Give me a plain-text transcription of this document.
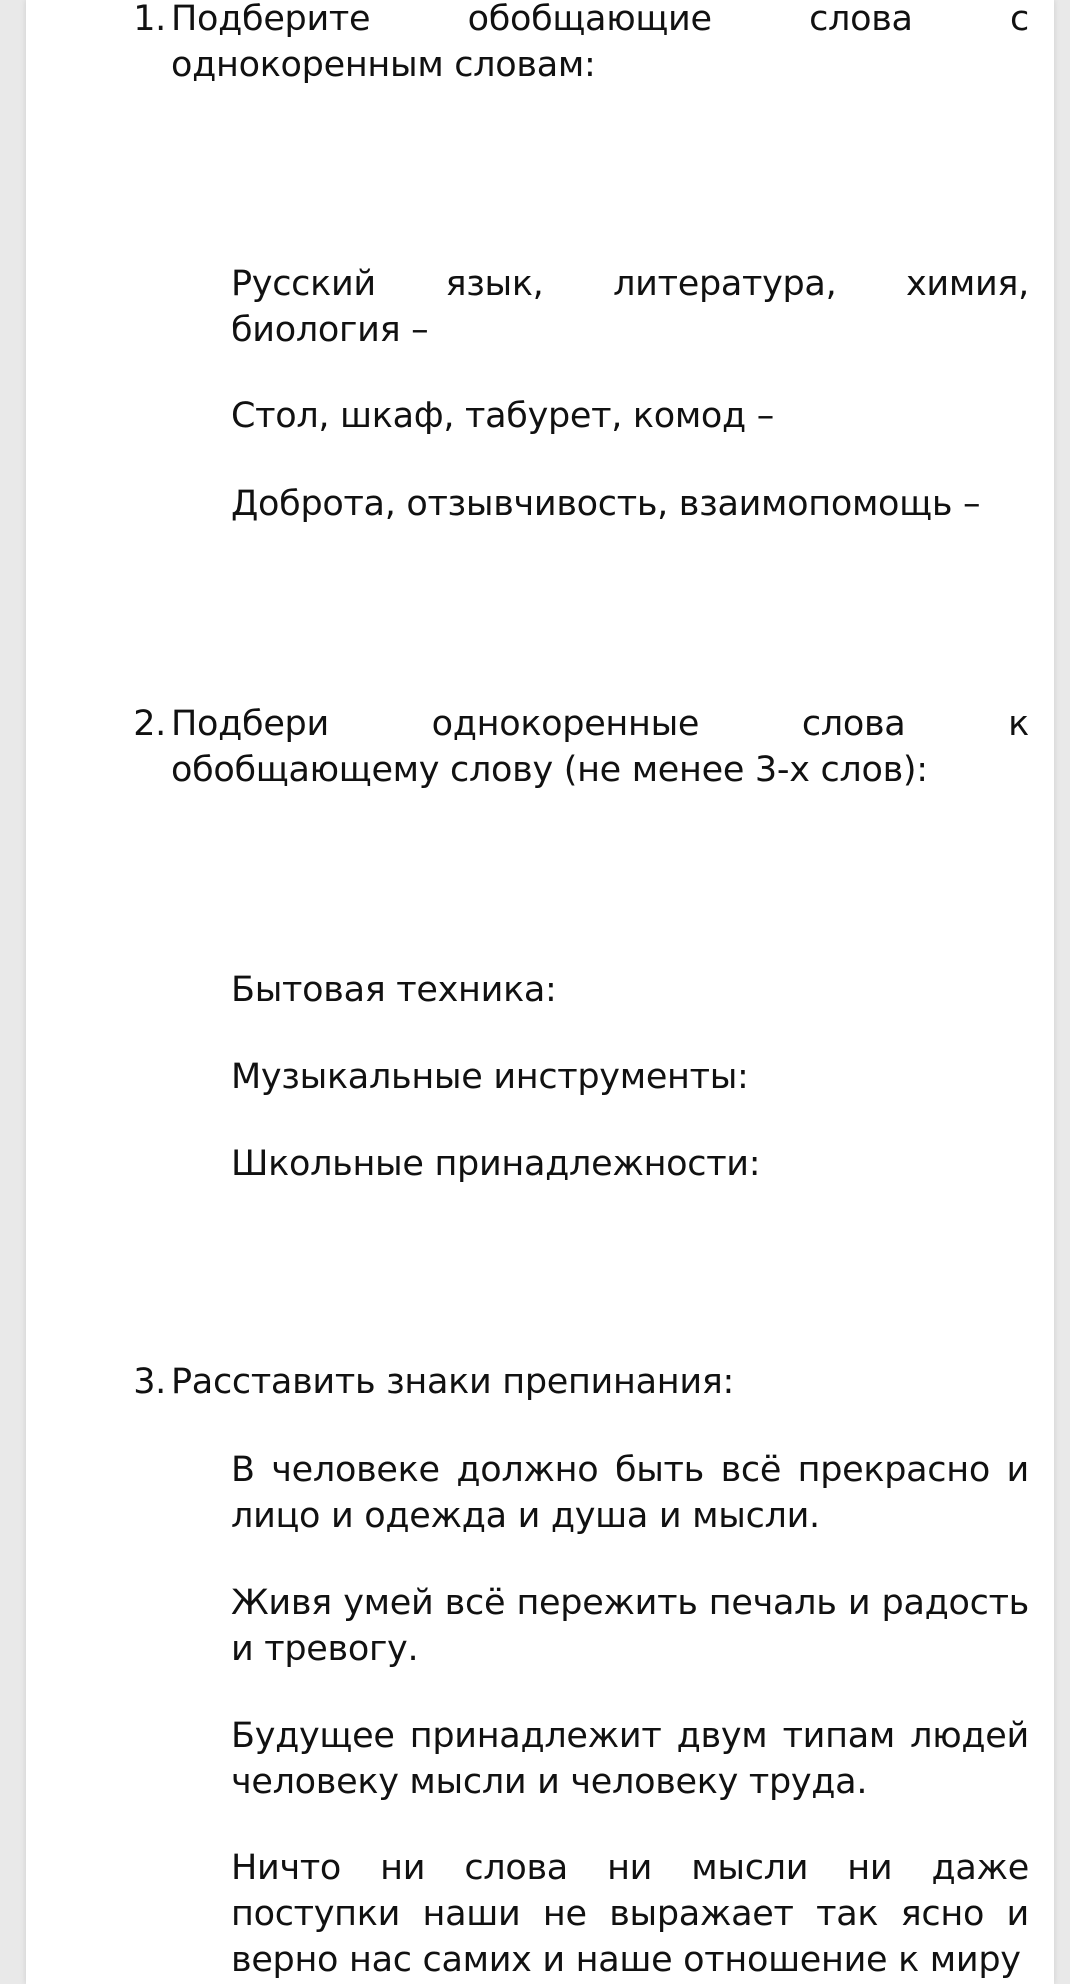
1. Подберите обобщающие слова с однокоренным словам:
Русский язык, литература, химия, биология –
Стол, шкаф, табурет, комод –
Доброта, отзывчивость, взаимопомощь –
2. Подбери однокоренные слова к обобщающему слову (не менее 3-х слов):
Бытовая техника:
Музыкальные инструменты:
Школьные принадлежности:
3. Расставить знаки препинания:
В человеке должно быть всё прекрасно и лицо и одежда и душа и мысли.
Живя умей всё пережить печаль и радость и тревогу.
Будущее принадлежит двум типам людей человеку мысли и человеку труда.
Ничто ни слова ни мысли ни даже поступки наши не выражает так ясно и верно нас самих и наше отношение к миру
